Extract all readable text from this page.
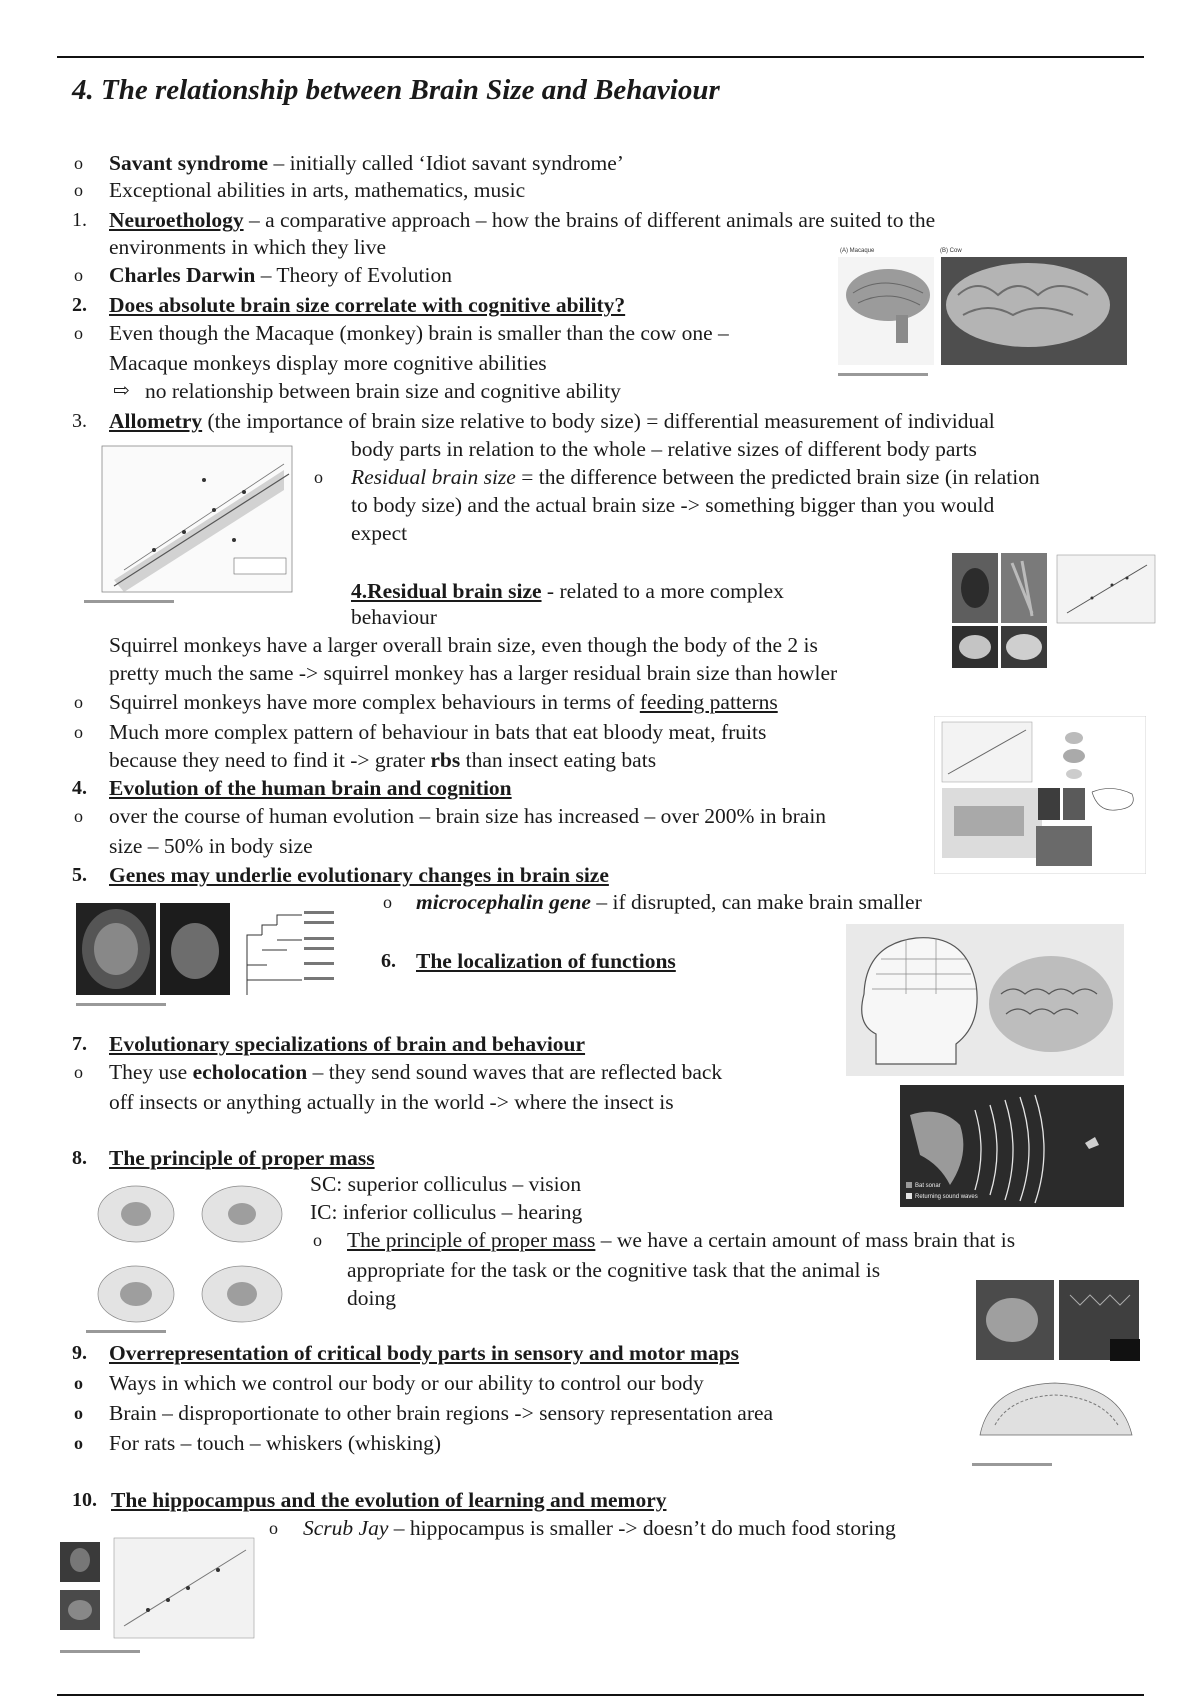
4. The relationship between Brain Size and Behaviour
o Savant syndrome – initially called ‘Idiot savant syndrome’
o Exceptional abilities in arts, mathematics, music
1. Neuroethology – a comparative approach – how the brains of different animals are suited to the
environments in which they live
o Charles Darwin – Theory of Evolution
2. Does absolute brain size correlate with cognitive ability?
o Even though the Macaque (monkey) brain is smaller than the cow one –
Macaque monkeys display more cognitive abilities
⇨ no relationship between brain size and cognitive ability
(A) Macaque	(B) Cow
3. Allometry (the importance of brain size relative to body size) = differential measurement of individual
body parts in relation to the whole – relative sizes of different body parts
o Residual brain size = the difference between the predicted brain size (in relation
to body size) and the actual brain size -> something bigger than you would
expect
4.Residual brain size - related to a more complex
behaviour
Squirrel monkeys have a larger overall brain size, even though the body of the 2 is
pretty much the same -> squirrel monkey has a larger residual brain size than howler
o Squirrel monkeys have more complex behaviours in terms of feeding patterns
o Much more complex pattern of behaviour in bats that eat bloody meat, fruits
because they need to find it -> grater rbs than insect eating bats
4. Evolution of the human brain and cognition
o over the course of human evolution – brain size has increased – over 200% in brain
size – 50% in body size
5. Genes may underlie evolutionary changes in brain size
o microcephalin gene – if disrupted, can make brain smaller
6. The localization of functions
7. Evolutionary specializations of brain and behaviour
o They use echolocation – they send sound waves that are reflected back
off insects or anything actually in the world -> where the insect is
Bat sonar
Returning sound waves
8. The principle of proper mass
SC: superior colliculus – vision
IC: inferior colliculus – hearing
o The principle of proper mass – we have a certain amount of mass brain that is
appropriate for the task or the cognitive task that the animal is
doing
9. Overrepresentation of critical body parts in sensory and motor maps
o Ways in which we control our body or our ability to control our body
o Brain – disproportionate to other brain regions -> sensory representation area
o For rats – touch – whiskers (whisking)
10. The hippocampus and the evolution of learning and memory
o Scrub Jay – hippocampus is smaller -> doesn’t do much food storing
